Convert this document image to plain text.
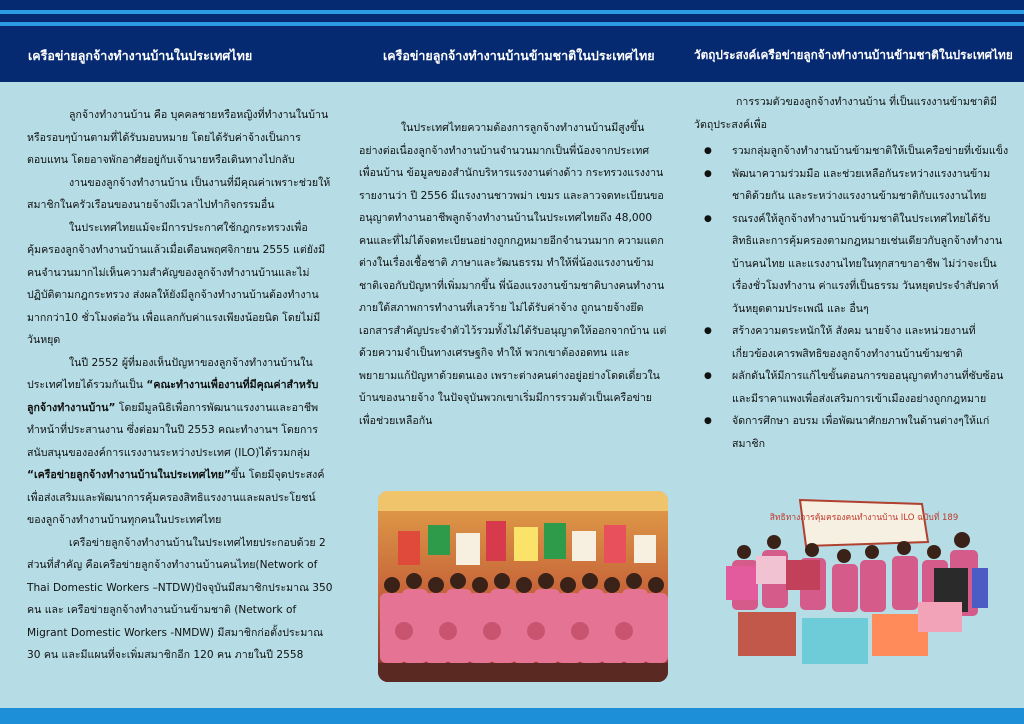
เครือข่ายลูกจ้างทำงานบ้านในประเทศไทย	เครือข่ายลูกจ้างทำงานบ้านข้ามชาติในประเทศไทย	วัตถุประสงค์เครือข่ายลูกจ้างทำงานบ้านข้ามชาติในประเทศไทย

ลูกจ้างทำงานบ้าน คือ บุคคลชายหรือหญิงที่ทำงานในบ้าน หรือรอบๆบ้านตามที่ได้รับมอบหมาย โดยได้รับค่าจ้างเป็นการตอบแทน โดยอาจพักอาศัยอยู่กับเจ้านายหรือเดินทางไปกลับ

งานของลูกจ้างทำงานบ้าน เป็นงานที่มีคุณค่าเพราะช่วยให้สมาชิกในครัวเรือนของนายจ้างมีเวลาไปทำกิจกรรมอื่น

ในประเทศไทยแม้จะมีการประกาศใช้กฎกระทรวงเพื่อคุ้มครองลูกจ้างทำงานบ้านแล้วเมื่อเดือนพฤศจิกายน 2555 แต่ยังมีคนจำนวนมากไม่เห็นความสำคัญของลูกจ้างทำงานบ้านและไม่ปฏิบัติตามกฎกระทรวง ส่งผลให้ยังมีลูกจ้างทำงานบ้านต้องทำงานมากกว่า10 ชั่วโมงต่อวัน เพื่อแลกกับค่าแรงเพียงน้อยนิด โดยไม่มีวันหยุด

ในปี 2552 ผู้ที่มองเห็นปัญหาของลูกจ้างทำงานบ้านในประเทศไทยได้รวมกันเป็น “คณะทำงานเพื่องานที่มีคุณค่าสำหรับลูกจ้างทำงานบ้าน” โดยมีมูลนิธิเพื่อการพัฒนาแรงงานและอาชีพ ทำหน้าที่ประสานงาน ซึ่งต่อมาในปี 2553 คณะทำงานฯ โดยการสนับสนุนขององค์การแรงงานระหว่างประเทศ (ILO)ได้รวมกลุ่ม “เครือข่ายลูกจ้างทำงานบ้านในประเทศไทย”ขึ้น โดยมีจุดประสงค์ เพื่อส่งเสริมและพัฒนาการคุ้มครองสิทธิแรงงานและผลประโยชน์ของลูกจ้างทำงานบ้านทุกคนในประเทศไทย

เครือข่ายลูกจ้างทำงานบ้านในประเทศไทยประกอบด้วย 2 ส่วนที่สำคัญ คือเครือข่ายลูกจ้างทำงานบ้านคนไทย(Network of Thai Domestic Workers –NTDW)ปัจจุบันมีสมาชิกประมาณ 350 คน และ เครือข่ายลูกจ้างทำงานบ้านข้ามชาติ (Network of Migrant Domestic Workers -NMDW) มีสมาชิกก่อตั้งประมาณ 30 คน และมีแผนที่จะเพิ่มสมาชิกอีก 120 คน ภายในปี 2558

ในประเทศไทยความต้องการลูกจ้างทำงานบ้านมีสูงขึ้นอย่างต่อเนื่องลูกจ้างทำงานบ้านจำนวนมากเป็นพี่น้องจากประเทศเพื่อนบ้าน ข้อมูลของสำนักบริหารแรงงานต่างด้าว กระทรวงแรงงานรายงานว่า ปี 2556 มีแรงงานชาวพม่า เขมร และลาวจดทะเบียนขออนุญาตทำงานอาชีพลูกจ้างทำงานบ้านในประเทศไทยถึง 48,000 คนและที่ไม่ได้จดทะเบียนอย่างถูกกฎหมายอีกจำนวนมาก ความแตกต่างในเรื่องเชื้อชาติ ภาษาและวัฒนธรรม ทำให้พี่น้องแรงงานข้ามชาติเจอกับปัญหาที่เพิ่มมากขึ้น พี่น้องแรงงานข้ามชาติบางคนทำงานภายใต้สภาพการทำงานที่เลวร้าย ไม่ได้รับค่าจ้าง ถูกนายจ้างยึดเอกสารสำคัญประจำตัวไว้รวมทั้งไม่ได้รับอนุญาตให้ออกจากบ้าน แต่ด้วยความจำเป็นทางเศรษฐกิจ ทำให้ พวกเขาต้องอดทน และพยายามแก้ปัญหาด้วยตนเอง เพราะต่างคนต่างอยู่อย่างโดดเดี่ยวในบ้านของนายจ้าง ในปัจจุบันพวกเขาเริ่มมีการรวมตัวเป็นเครือข่ายเพื่อช่วยเหลือกัน

การรวมตัวของลูกจ้างทำงานบ้าน ที่เป็นแรงงานข้ามชาติมีวัตถุประสงค์เพื่อ

● รวมกลุ่มลูกจ้างทำงานบ้านข้ามชาติให้เป็นเครือข่ายที่เข้มแข็ง
● พัฒนาความร่วมมือ และช่วยเหลือกันระหว่างแรงงานข้ามชาติด้วยกัน และระหว่างแรงงานข้ามชาติกับแรงงานไทย
● รณรงค์ให้ลูกจ้างทำงานบ้านข้ามชาติในประเทศไทยได้รับสิทธิและการคุ้มครองตามกฎหมายเช่นเดียวกับลูกจ้างทำงานบ้านคนไทย และแรงงานไทยในทุกสาขาอาชีพ ไม่ว่าจะเป็นเรื่องชั่วโมงทำงาน ค่าแรงที่เป็นธรรม วันหยุดประจำสัปดาห์ วันหยุดตามประเพณี และ อื่นๆ
● สร้างความตระหนักให้ สังคม นายจ้าง และหน่วยงานที่เกี่ยวข้องเคารพสิทธิของลูกจ้างทำงานบ้านข้ามชาติ
● ผลักดันให้มีการแก้ไขขั้นตอนการขออนุญาตทำงานที่ซับซ้อนและมีราคาแพงเพื่อส่งเสริมการเข้าเมืองอย่างถูกกฎหมาย
● จัดการศึกษา อบรม เพื่อพัฒนาศักยภาพในด้านต่างๆให้แก่สมาชิก
สิทธิทางการคุ้มครองคนทำงานบ้าน ILO ฉบับที่ 189
